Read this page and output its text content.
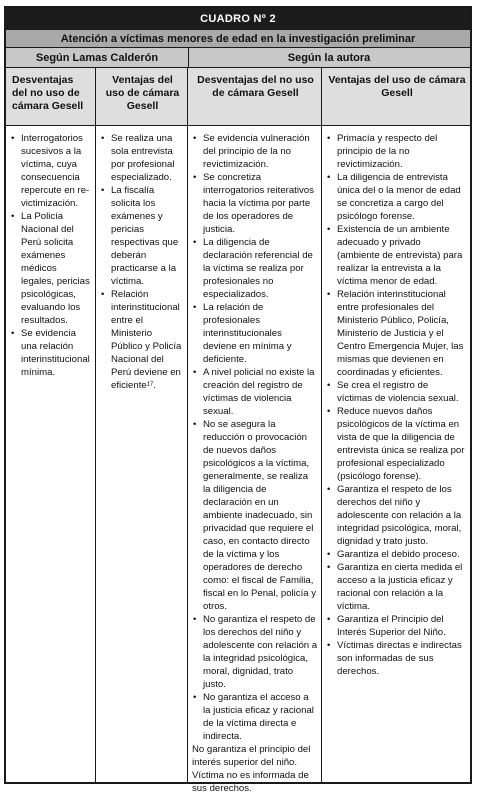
CUADRO Nº 2
Atención a víctimas menores de edad en la investigación preliminar
Según Lamas Calderón	Según la autora
Desventajas del no uso de cámara Gesell
Ventajas del uso de cámara Gesell
Desventajas del no uso de cámara Gesell
Ventajas del uso de cámara Gesell
• Interrogatorios sucesivos a la víctima, cuya consecuencia repercute en re-victimización.
• La Policía Nacional del Perú solicita exámenes médicos legales, pericias psicológicas, evaluando los resultados.
• Se evidencia una relación interinstitucional mínima.
• Se realiza una sola entrevista por profesional especializado.
• La fiscalía solicita los exámenes y pericias respectivas que deberán practicarse a la víctima.
• Relación interinstitucional entre el Ministerio Público y Policía Nacional del Perú deviene en eficiente¹⁷.
• Se evidencia vulneración del principio de la no revictimización.
• Se concretiza interrogatorios reiterativos hacia la víctima por parte de los operadores de justicia.
• La diligencia de declaración referencial de la víctima se realiza por profesionales no especializados.
• La relación de profesionales interinstitucionales deviene en mínima y deficiente.
• A nivel policial no existe la creación del registro de víctimas de violencia sexual.
• No se asegura la reducción o provocación de nuevos daños psicológicos a la víctima, generalmente, se realiza la diligencia de declaración en un ambiente inadecuado, sin privacidad que requiere el caso, en contacto directo de la víctima y los operadores de derecho como: el fiscal de Familia, fiscal en lo Penal, policía y otros.
• No garantiza el respeto de los derechos del niño y adolescente con relación a la integridad psicológica, moral, dignidad, trato justo.
• No garantiza el acceso a la justicia eficaz y racional de la víctima directa e indirecta.

No garantiza el principio del interés superior del niño.

Víctima no es informada de sus derechos.

• Primacía y respecto del principio de la no revictimización.
• La diligencia de entrevista única del o la menor de edad se concretiza a cargo del psicólogo forense.
• Existencia de un ambiente adecuado y privado (ambiente de entrevista) para realizar la entrevista a la víctima menor de edad.
• Relación interinstitucional entre profesionales del Ministerio Público, Policía, Ministerio de Justicia y el Centro Emergencia Mujer, las mismas que devienen en coordinadas y eficientes.
• Se crea el registro de víctimas de violencia sexual.
• Reduce nuevos daños psicológicos de la víctima en vista de que la diligencia de entrevista única se realiza por profesional especializado (psicólogo forense).
• Garantiza el respeto de los derechos del niño y adolescente con relación a la integridad psicológica, moral, dignidad y trato justo.
• Garantiza el debido proceso.
• Garantiza en cierta medida el acceso a la justicia eficaz y racional con relación a la víctima.
• Garantiza el Principio del Interés Superior del Niño.
• Víctimas directas e indirectas son informadas de sus derechos.
